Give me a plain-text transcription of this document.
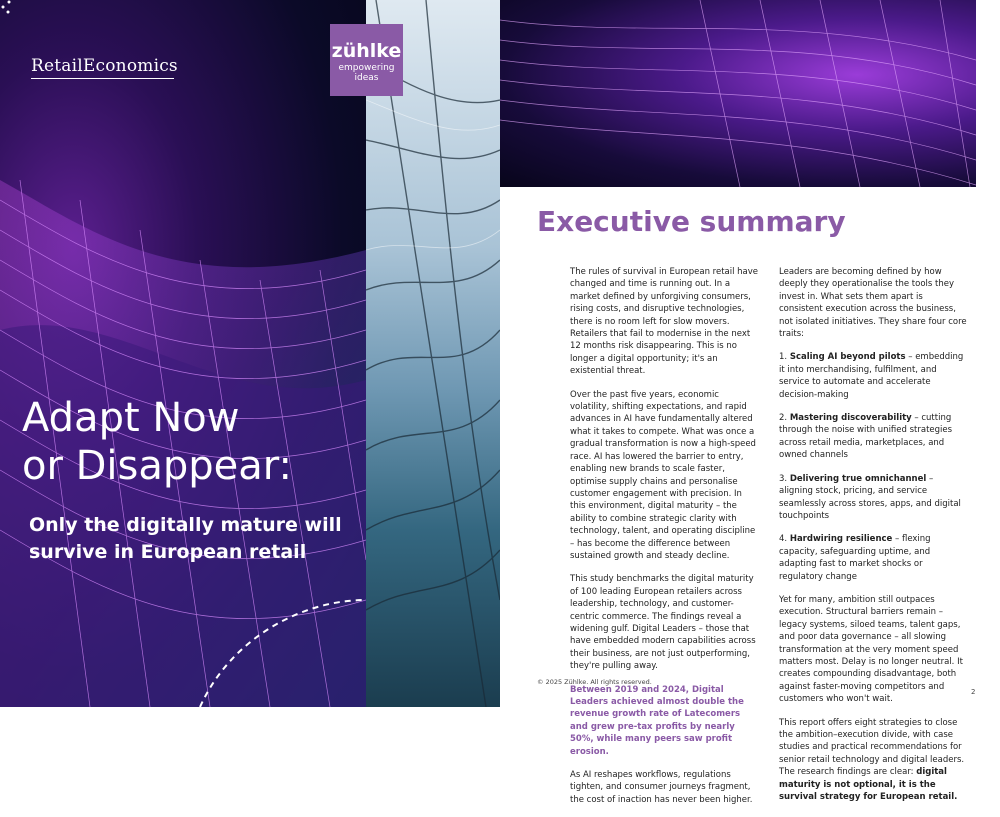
RetailEconomics
Adapt Now
or Disappear:
Only the digitally mature will survive in European retail
zühlke
empowering ideas
Executive summary

The rules of survival in European retail have changed and time is running out. In a market defined by unforgiving consumers, rising costs, and disruptive technologies, there is no room left for slow movers. Retailers that fail to modernise in the next 12 months risk disappearing. This is no longer a digital opportunity; it's an existential threat.

Over the past five years, economic volatility, shifting expectations, and rapid advances in AI have fundamentally altered what it takes to compete. What was once a gradual transformation is now a high-speed race. AI has lowered the barrier to entry, enabling new brands to scale faster, optimise supply chains and personalise customer engagement with precision. In this environment, digital maturity – the ability to combine strategic clarity with technology, talent, and operating discipline – has become the difference between sustained growth and steady decline.

This study benchmarks the digital maturity of 100 leading European retailers across leadership, technology, and customer-centric commerce. The findings reveal a widening gulf. Digital Leaders – those that have embedded modern capabilities across their business, are not just outperforming, they're pulling away.

Between 2019 and 2024, Digital Leaders achieved almost double the revenue growth rate of Latecomers and grew pre-tax profits by nearly 50%, while many peers saw profit erosion.

As AI reshapes workflows, regulations tighten, and consumer journeys fragment, the cost of inaction has never been higher.

Leaders are becoming defined by how deeply they operationalise the tools they invest in. What sets them apart is consistent execution across the business, not isolated initiatives. They share four core traits:

1. Scaling AI beyond pilots – embedding it into merchandising, fulfilment, and service to automate and accelerate decision-making

2. Mastering discoverability – cutting through the noise with unified strategies across retail media, marketplaces, and owned channels

3. Delivering true omnichannel – aligning stock, pricing, and service seamlessly across stores, apps, and digital touchpoints

4. Hardwiring resilience – flexing capacity, safeguarding uptime, and adapting fast to market shocks or regulatory change

Yet for many, ambition still outpaces execution. Structural barriers remain – legacy systems, siloed teams, talent gaps, and poor data governance – all slowing transformation at the very moment speed matters most. Delay is no longer neutral. It creates compounding disadvantage, both against faster-moving competitors and customers who won't wait.

This report offers eight strategies to close the ambition–execution divide, with case studies and practical recommendations for senior retail technology and digital leaders. The research findings are clear: digital maturity is not optional, it is the survival strategy for European retail.

© 2025 Zühlke. All rights reserved.
2
